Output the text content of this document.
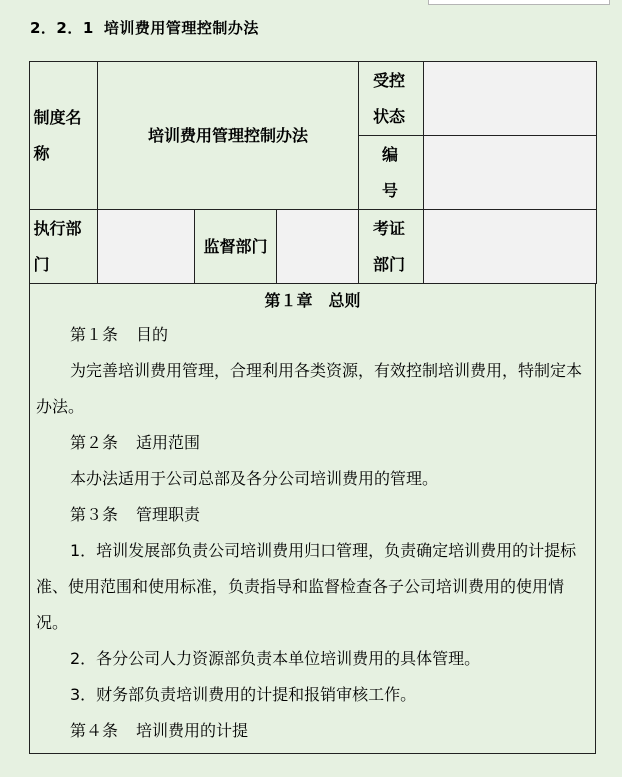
2．2．1 培训费用管理控制办法
制度名称	培训费用管理控制办法			受控状态	
				编号	
执行部门		监督部门		考证部门	
第１章　总则
第１条 目的
为完善培训费用管理，合理利用各类资源，有效控制培训费用，特制定本办法。
第２条 适用范围
本办法适用于公司总部及各分公司培训费用的管理。
第３条 管理职责
1．培训发展部负责公司培训费用归口管理，负责确定培训费用的计提标准、使用范围和使用标准，负责指导和监督检查各子公司培训费用的使用情况。
2．各分公司人力资源部负责本单位培训费用的具体管理。
3．财务部负责培训费用的计提和报销审核工作。
第４条 培训费用的计提
